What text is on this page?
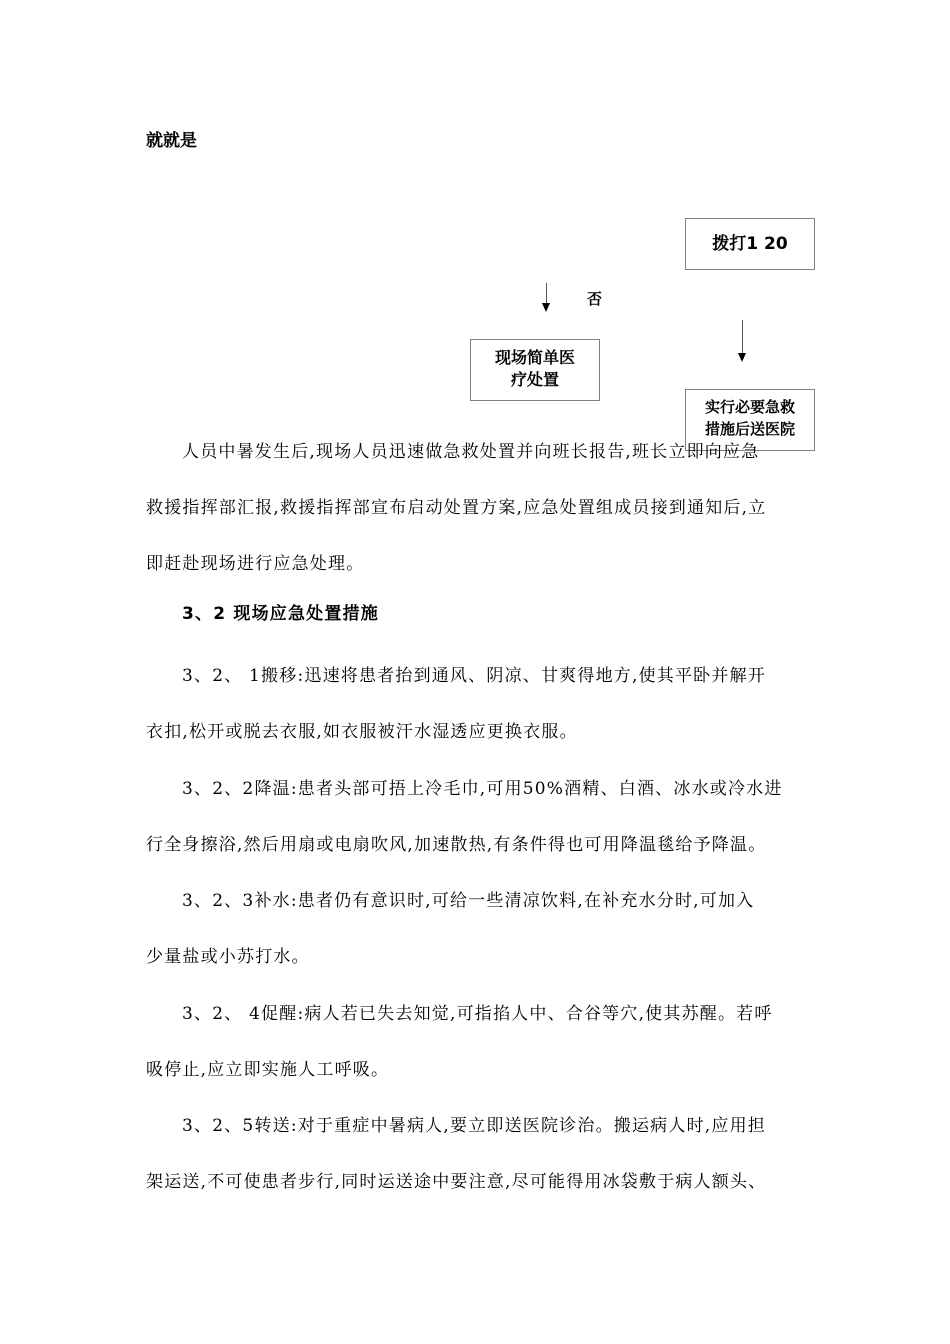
就就是
拨打1 20
否
现场简单医
疗处置
实行必要急救
措施后送医院

人员中暑发生后,现场人员迅速做急救处置并向班长报告,班长立即向应急

救援指挥部汇报,救援指挥部宣布启动处置方案,应急处置组成员接到通知后,立

即赶赴现场进行应急处理。

3、2 现场应急处置措施

3、2、 1搬移:迅速将患者抬到通风、阴凉、甘爽得地方,使其平卧并解开

衣扣,松开或脱去衣服,如衣服被汗水湿透应更换衣服。

3、2、2降温:患者头部可捂上冷毛巾,可用50%酒精、白酒、冰水或冷水进

行全身擦浴,然后用扇或电扇吹风,加速散热,有条件得也可用降温毯给予降温。

3、2、3补水:患者仍有意识时,可给一些清凉饮料,在补充水分时,可加入

少量盐或小苏打水。

3、2、 4促醒:病人若已失去知觉,可指掐人中、合谷等穴,使其苏醒。若呼

吸停止,应立即实施人工呼吸。

3、2、5转送:对于重症中暑病人,要立即送医院诊治。搬运病人时,应用担

架运送,不可使患者步行,同时运送途中要注意,尽可能得用冰袋敷于病人额头、
